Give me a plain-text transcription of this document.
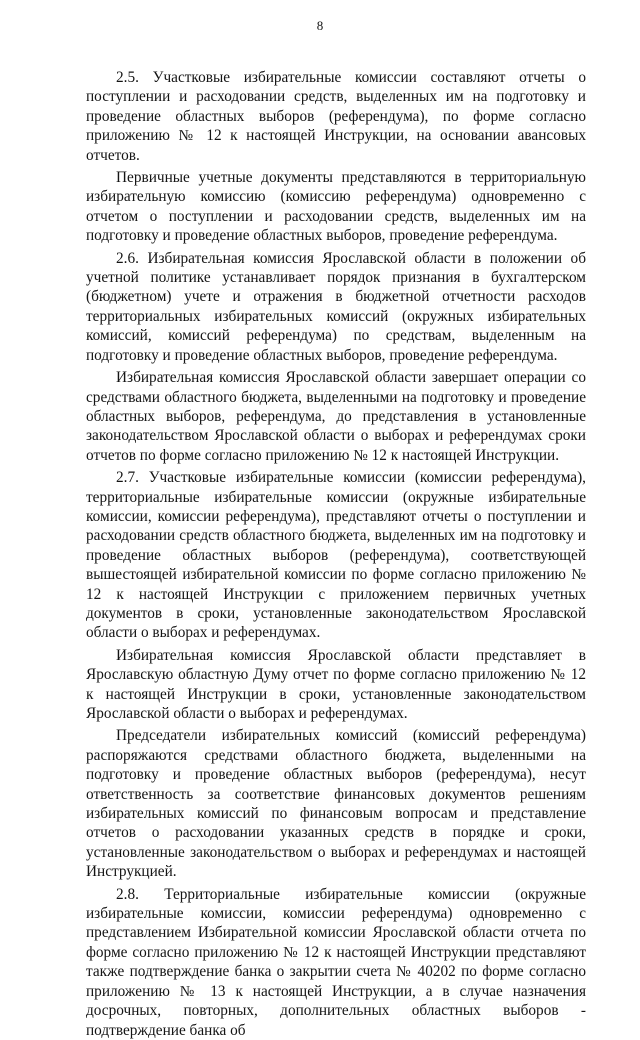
8

2.5. Участковые избирательные комиссии составляют отчеты о поступлении и расходовании средств, выделенных им на подготовку и проведение областных выборов (референдума), по форме согласно приложению № 12 к настоящей Инструкции, на основании авансовых отчетов.

Первичные учетные документы представляются в территориальную избирательную комиссию (комиссию референдума) одновременно с отчетом о поступлении и расходовании средств, выделенных им на подготовку и проведение областных выборов, проведение референдума.

2.6. Избирательная комиссия Ярославской области в положении об учетной политике устанавливает порядок признания в бухгалтерском (бюджетном) учете и отражения в бюджетной отчетности расходов территориальных избирательных комиссий (окружных избирательных комиссий, комиссий референдума) по средствам, выделенным на подготовку и проведение областных выборов, проведение референдума.

Избирательная комиссия Ярославской области завершает операции со средствами областного бюджета, выделенными на подготовку и проведение областных выборов, референдума, до представления в установленные законодательством Ярославской области о выборах и референдумах сроки отчетов по форме согласно приложению № 12 к настоящей Инструкции.

2.7. Участковые избирательные комиссии (комиссии референдума), территориальные избирательные комиссии (окружные избирательные комиссии, комиссии референдума), представляют отчеты о поступлении и расходовании средств областного бюджета, выделенных им на подготовку и проведение областных выборов (референдума), соответствующей вышестоящей избирательной комиссии по форме согласно приложению № 12 к настоящей Инструкции с приложением первичных учетных документов в сроки, установленные законодательством Ярославской области о выборах и референдумах.

Избирательная комиссия Ярославской области представляет в Ярославскую областную Думу отчет по форме согласно приложению № 12 к настоящей Инструкции в сроки, установленные законодательством Ярославской области о выборах и референдумах.

Председатели избирательных комиссий (комиссий референдума) распоряжаются средствами областного бюджета, выделенными на подготовку и проведение областных выборов (референдума), несут ответственность за соответствие финансовых документов решениям избирательных комиссий по финансовым вопросам и представление отчетов о расходовании указанных средств в порядке и сроки, установленные законодательством о выборах и референдумах и настоящей Инструкцией.

2.8. Территориальные избирательные комиссии (окружные избирательные комиссии, комиссии референдума) одновременно с представлением Избирательной комиссии Ярославской области отчета по форме согласно приложению № 12 к настоящей Инструкции представляют также подтверждение банка о закрытии счета № 40202 по форме согласно приложению № 13 к настоящей Инструкции, а в случае назначения досрочных, повторных, дополнительных областных выборов - подтверждение банка об
